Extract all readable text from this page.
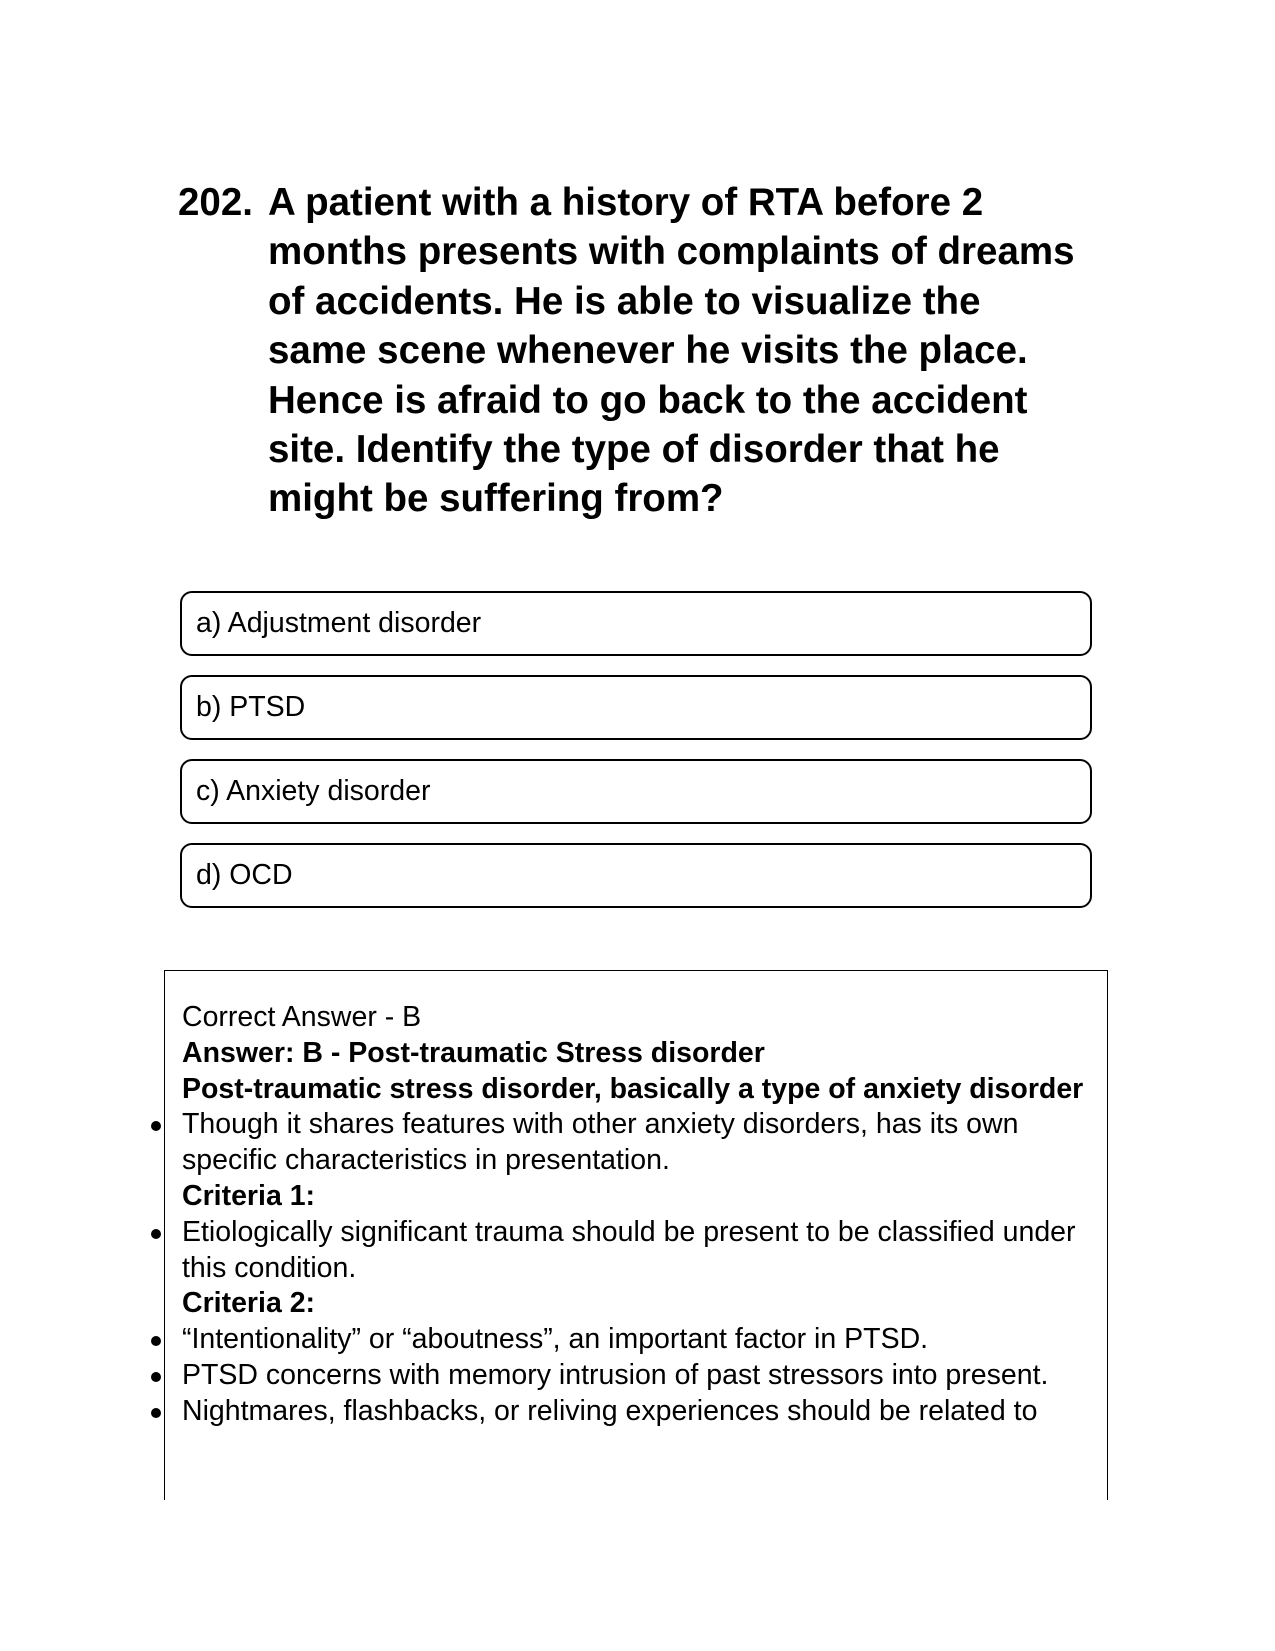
202. A patient with a history of RTA before 2 months presents with complaints of dreams of accidents. He is able to visualize the same scene whenever he visits the place. Hence is afraid to go back to the accident site. Identify the type of disorder that he might be suffering from?
a) Adjustment disorder
b) PTSD
c) Anxiety disorder
d) OCD
Correct Answer - B
Answer: B - Post-traumatic Stress disorder
Post-traumatic stress disorder, basically a type of anxiety disorder
Though it shares features with other anxiety disorders, has its own specific characteristics in presentation.
Criteria 1:
Etiologically significant trauma should be present to be classified under this condition.
Criteria 2:
“Intentionality” or “aboutness”, an important factor in PTSD.
PTSD concerns with memory intrusion of past stressors into present.
Nightmares, flashbacks, or reliving experiences should be related to
